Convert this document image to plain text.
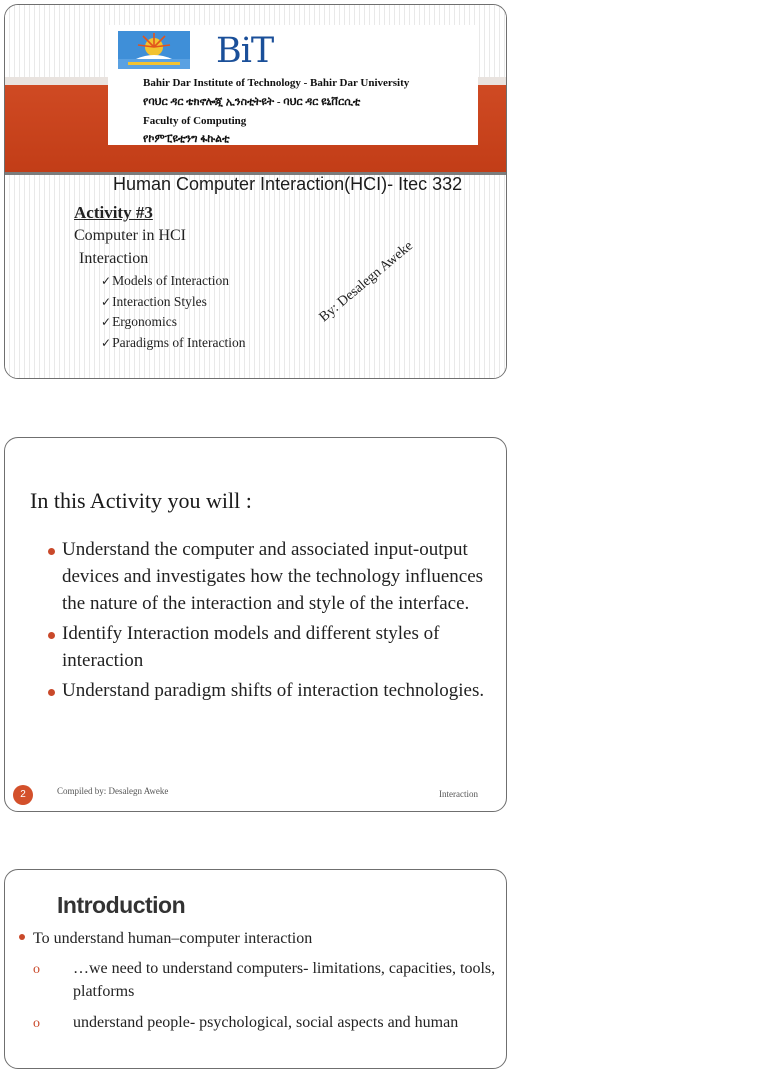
BiT
Bahir Dar Institute of Technology - Bahir Dar University
የባህር ዳር ቴክኖሎጂ ኢንስቲትዩት - ባህር ዳር ዩኒቨርሲቲ
Faculty of Computing
የኮምፒዩቲንግ ፋኩልቲ
Human Computer Interaction(HCI)- Itec 332
Activity #3
Computer in HCI
Interaction
✓Models of Interaction
✓Interaction Styles
✓Ergonomics
✓Paradigms of Interaction
By: Desalegn Aweke
In this Activity you will :
Understand the computer and associated input-output devices and investigates how the technology influences the nature of the interaction and style of the interface.
Identify Interaction models and different styles of interaction
Understand paradigm shifts of interaction technologies.
2	Compiled by: Desalegn Aweke	Interaction
Introduction
To understand human–computer interaction
o …we need to understand computers- limitations, capacities, tools, platforms
o understand people- psychological, social aspects and human
